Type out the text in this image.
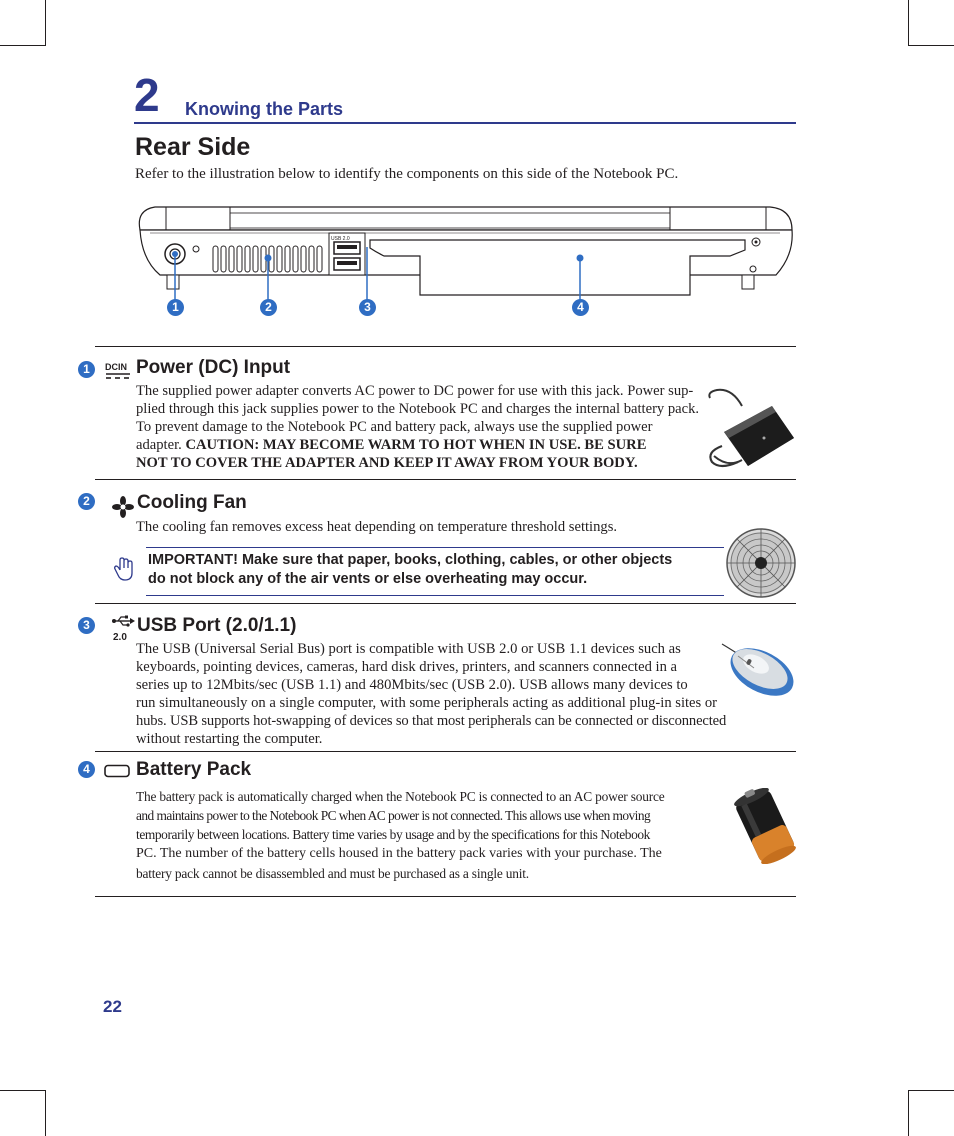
2 Knowing the Parts
Rear Side
Refer to the illustration below to identify the components on this side of the Notebook PC.
USB 2.0
1	2	3	4
1	DCIN Power (DC) Input
The supplied power adapter converts AC power to DC power for use with this jack. Power sup-
plied through this jack supplies power to the Notebook PC and charges the internal battery pack.
To prevent damage to the Notebook PC and battery pack, always use the supplied power
adapter. CAUTION: MAY BECOME WARM TO HOT WHEN IN USE. BE SURE
NOT TO COVER THE ADAPTER AND KEEP IT AWAY FROM YOUR BODY.
2 Cooling Fan
The cooling fan removes excess heat depending on temperature threshold settings.
IMPORTANT! Make sure that paper, books, clothing, cables, or other objects
do not block any of the air vents or else overheating may occur.
3
2.0
USB Port (2.0/1.1)
The USB (Universal Serial Bus) port is compatible with USB 2.0 or USB 1.1 devices such as
keyboards, pointing devices, cameras, hard disk drives, printers, and scanners connected in a
series up to 12Mbits/sec (USB 1.1) and 480Mbits/sec (USB 2.0). USB allows many devices to
run simultaneously on a single computer, with some peripherals acting as additional plug-in sites or
hubs. USB supports hot-swapping of devices so that most peripherals can be connected or disconnected
without restarting the computer.
4 Battery Pack
The battery pack is automatically charged when the Notebook PC is connected to an AC power source
and maintains power to the Notebook PC when AC power is not connected. This allows use when moving
temporarily between locations. Battery time varies by usage and by the specifications for this Notebook
PC. The number of the battery cells housed in the battery pack varies with your purchase. The
battery pack cannot be disassembled and must be purchased as a single unit.
22
